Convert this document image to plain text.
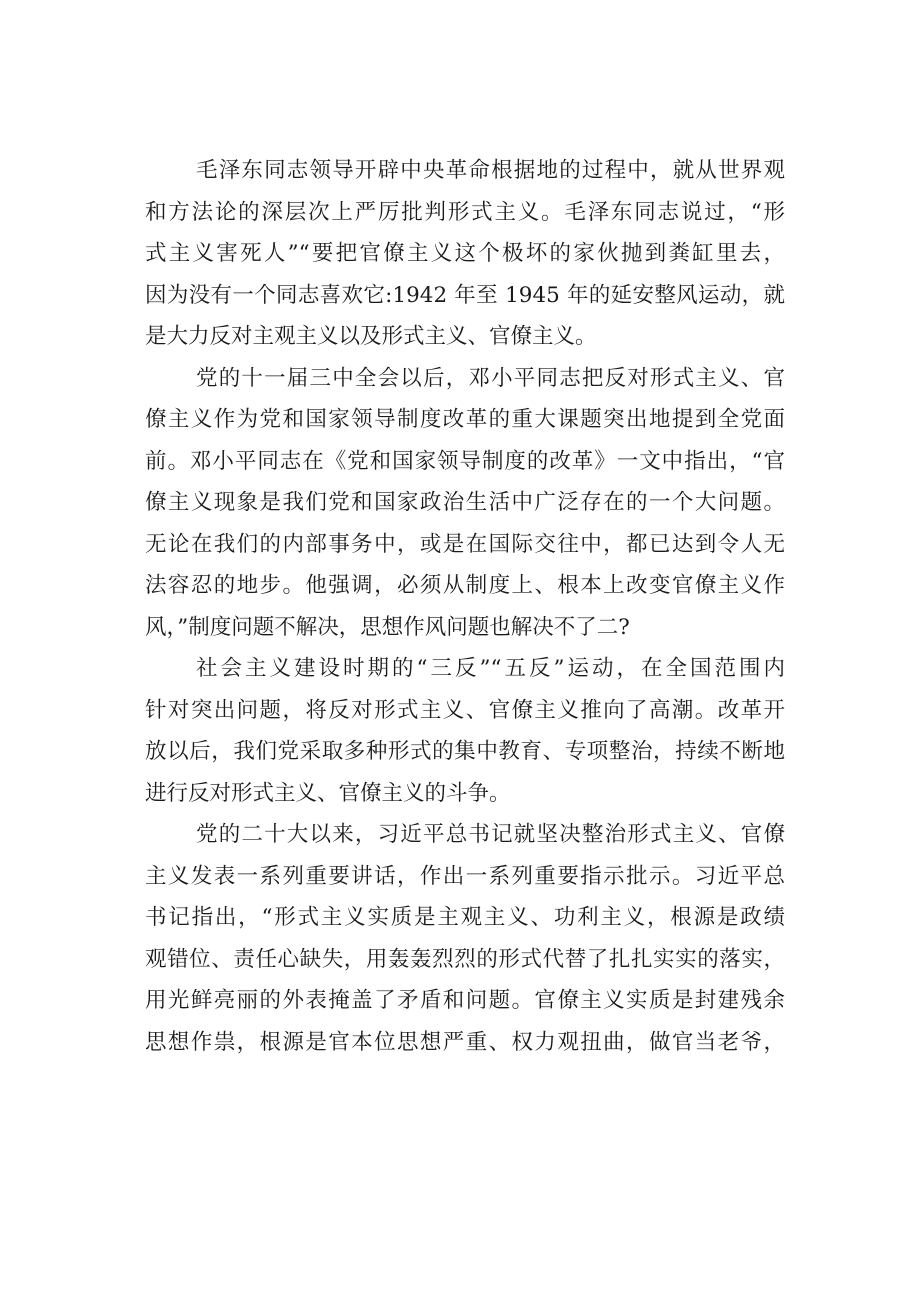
毛泽东同志领导开辟中央革命根据地的过程中，就从世界观
和方法论的深层次上严厉批判形式主义。毛泽东同志说过，“形
式主义害死人”“要把官僚主义这个极坏的家伙抛到粪缸里去，
因为没有一个同志喜欢它:1942 年至 1945 年的延安整风运动，就
是大力反对主观主义以及形式主义、官僚主义。
党的十一届三中全会以后，邓小平同志把反对形式主义、官
僚主义作为党和国家领导制度改革的重大课题突出地提到全党面
前。邓小平同志在《党和国家领导制度的改革》一文中指出，“官
僚主义现象是我们党和国家政治生活中广泛存在的一个大问题。
无论在我们的内部事务中，或是在国际交往中，都已达到令人无
法容忍的地步。他强调，必须从制度上、根本上改变官僚主义作
风，”制度问题不解决，思想作风问题也解决不了二?
社会主义建设时期的“三反”“五反”运动，在全国范围内
针对突出问题，将反对形式主义、官僚主义推向了高潮。改革开
放以后，我们党采取多种形式的集中教育、专项整治，持续不断地
进行反对形式主义、官僚主义的斗争。
党的二十大以来，习近平总书记就坚决整治形式主义、官僚
主义发表一系列重要讲话，作出一系列重要指示批示。习近平总
书记指出，“形式主义实质是主观主义、功利主义，根源是政绩
观错位、责任心缺失，用轰轰烈烈的形式代替了扎扎实实的落实，
用光鲜亮丽的外表掩盖了矛盾和问题。官僚主义实质是封建残余
思想作祟，根源是官本位思想严重、权力观扭曲，做官当老爷，
